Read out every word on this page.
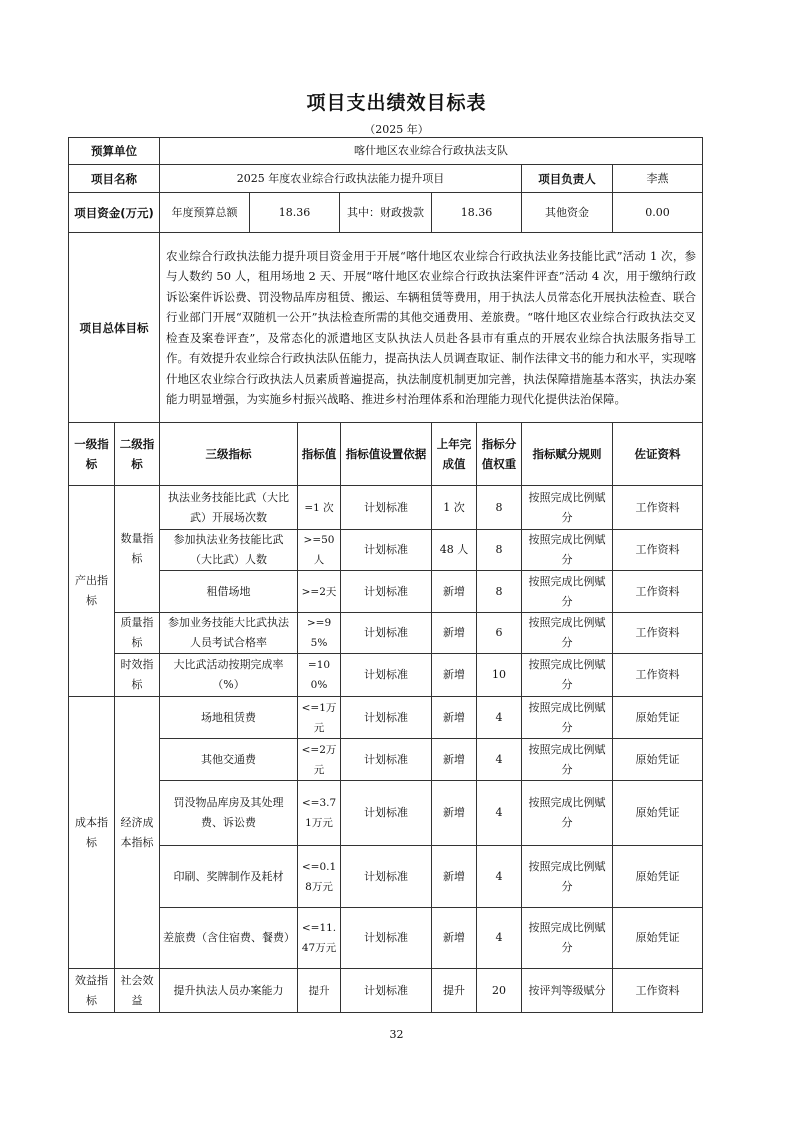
项目支出绩效目标表
（2025 年）
预算单位	喀什地区农业综合行政执法支队					
项目名称	2025 年度农业综合行政执法能力提升项目				项目负责人	李燕
项目资金(万元)	年度预算总额	18.36	其中：财政拨款	18.36	其他资金	0.00
项目总体目标	农业综合行政执法能力提升项目资金用于开展“喀什地区农业综合行政执法业务技能比武”活动 1 次，参与人数约 50 人，租用场地 2 天、开展“喀什地区农业综合行政执法案件评查”活动 4 次，用于缴纳行政诉讼案件诉讼费、罚没物品库房租赁、搬运、车辆租赁等费用，用于执法人员常态化开展执法检查、联合行业部门开展“双随机一公开”执法检查所需的其他交通费用、差旅费。“喀什地区农业综合行政执法交叉检查及案卷评查”，及常态化的派遣地区支队执法人员赴各县市有重点的开展农业综合执法服务指导工作。有效提升农业综合行政执法队伍能力，提高执法人员调查取证、制作法律文书的能力和水平，实现喀什地区农业综合行政执法人员素质普遍提高，执法制度机制更加完善，执法保障措施基本落实，执法办案能力明显增强，为实施乡村振兴战略、推进乡村治理体系和治理能力现代化提供法治保障。					
一级指标	二级指标	三级指标	指标值	指标值设置依据	上年完成值	指标分值权重	指标赋分规则	佐证资料
产出指标	数量指标	执法业务技能比武（大比武）开展场次数	=1 次	计划标准	1 次	8	按照完成比例赋分	工作资料
		参加执法业务技能比武（大比武）人数	>=50人	计划标准	48 人	8	按照完成比例赋分	工作资料
		租借场地	>=2天	计划标准	新增	8	按照完成比例赋分	工作资料
	质量指标	参加业务技能大比武执法人员考试合格率	>=95%	计划标准	新增	6	按照完成比例赋分	工作资料
	时效指标	大比武活动按期完成率（%）	=100%	计划标准	新增	10	按照完成比例赋分	工作资料
成本指标	经济成本指标	场地租赁费	<=1万元	计划标准	新增	4	按照完成比例赋分	原始凭证
		其他交通费	<=2万元	计划标准	新增	4	按照完成比例赋分	原始凭证
		罚没物品库房及其处理费、诉讼费	<=3.71万元	计划标准	新增	4	按照完成比例赋分	原始凭证
		印刷、奖牌制作及耗材	<=0.18万元	计划标准	新增	4	按照完成比例赋分	原始凭证
		差旅费（含住宿费、餐费）	<=11.47万元	计划标准	新增	4	按照完成比例赋分	原始凭证
效益指标	社会效益	提升执法人员办案能力	提升	计划标准	提升	20	按评判等级赋分	工作资料
32
